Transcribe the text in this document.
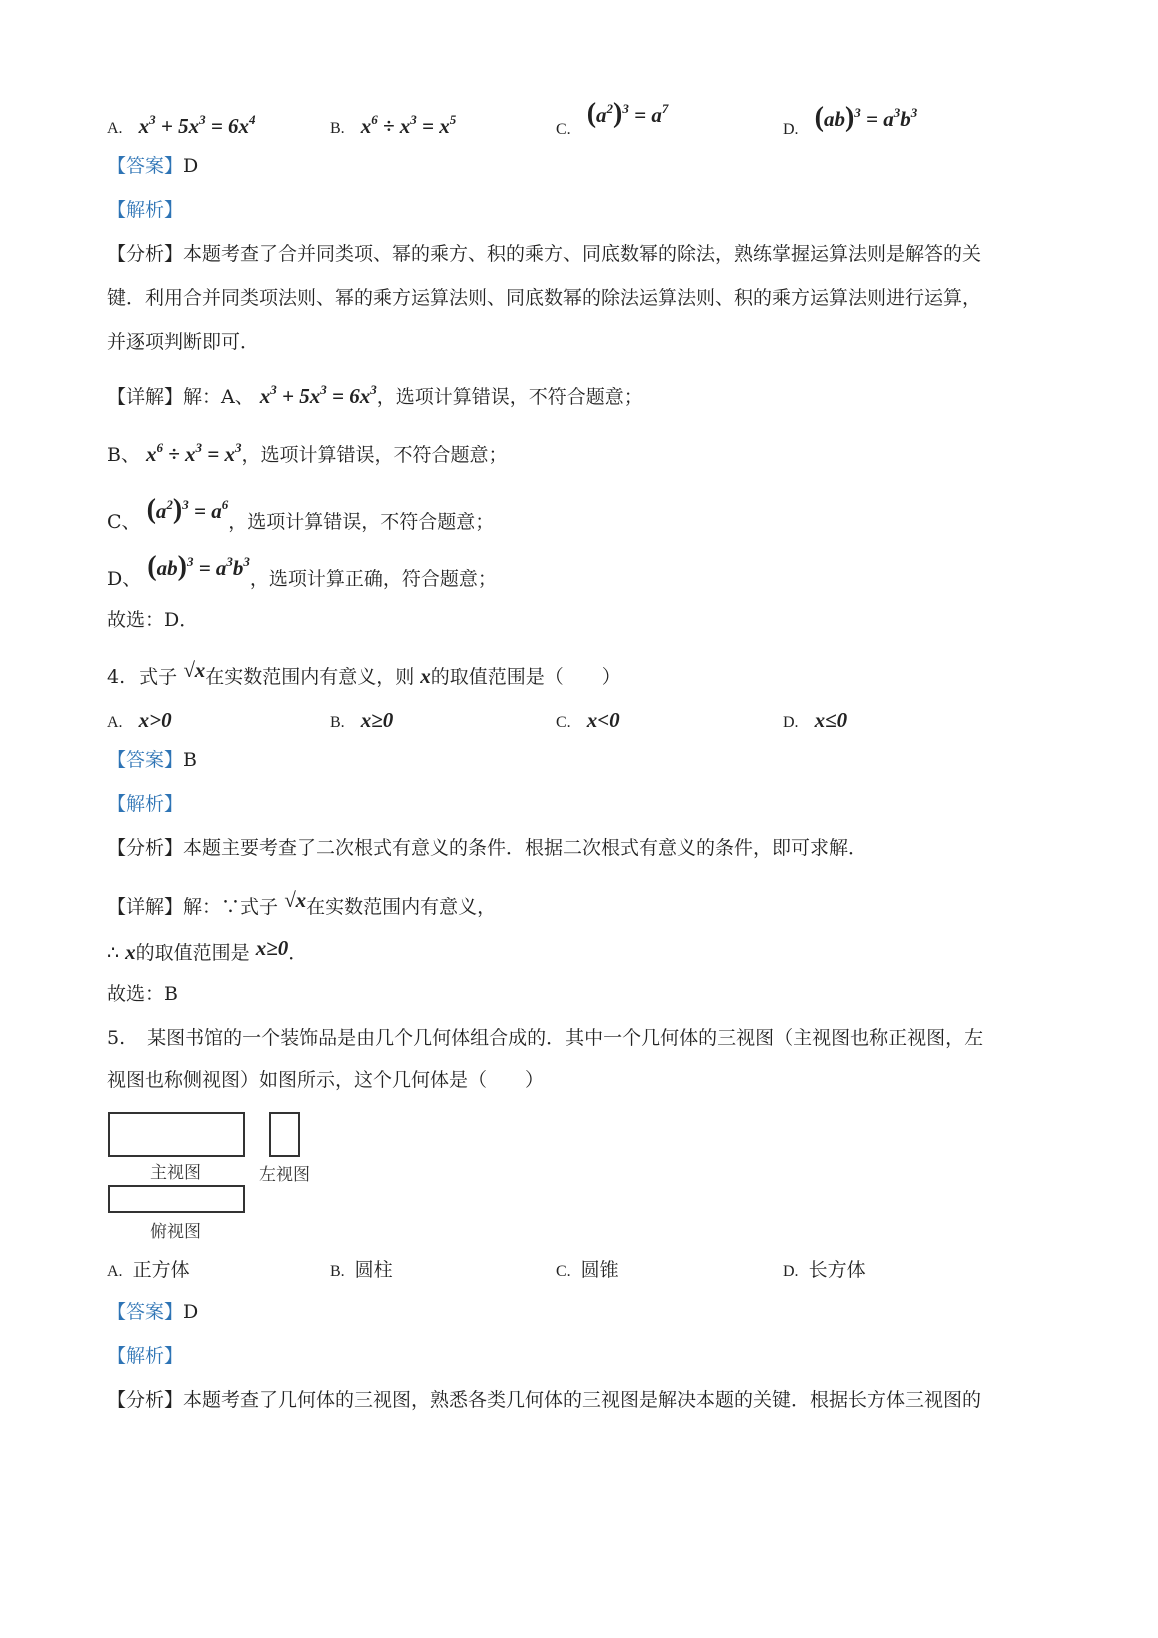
A. $x^3 + 5x^3 = 6x^4$
B. $x^6 \div x^3 = x^5$
C. $(a^2)^3 = a^7$
D. $(ab)^3 = a^3b^3$
【答案】D
【解析】
【分析】本题考查了合并同类项、幂的乘方、积的乘方、同底数幂的除法，熟练掌握运算法则是解答的关
键．利用合并同类项法则、幂的乘方运算法则、同底数幂的除法运算法则、积的乘方运算法则进行运算，
并逐项判断即可．
【详解】解：A、 $x^3 + 5x^3 = 6x^3$，选项计算错误，不符合题意；
B、 $x^6 \div x^3 = x^3$，选项计算错误，不符合题意；
C、 $(a^2)^3 = a^6$，选项计算错误，不符合题意；
D、 $(ab)^3 = a^3b^3$，选项计算正确，符合题意；
故选：D．
4. 式子 √x在实数范围内有意义，则 x的取值范围是（　　）
A. x>0	B. x≥0	C. x<0	D. x≤0
【答案】B
【解析】
【分析】本题主要考查了二次根式有意义的条件．根据二次根式有意义的条件，即可求解．
【详解】解：∵式子 √x在实数范围内有意义，
∴ x的取值范围是 x≥0．
故选：B
5. 某图书馆的一个装饰品是由几个几何体组合成的．其中一个几何体的三视图（主视图也称正视图，左
视图也称侧视图）如图所示，这个几何体是（　　）
主视图	左视图
俯视图
A. 正方体	B. 圆柱	C. 圆锥	D. 长方体
【答案】D
【解析】
【分析】本题考查了几何体的三视图，熟悉各类几何体的三视图是解决本题的关键．根据长方体三视图的
